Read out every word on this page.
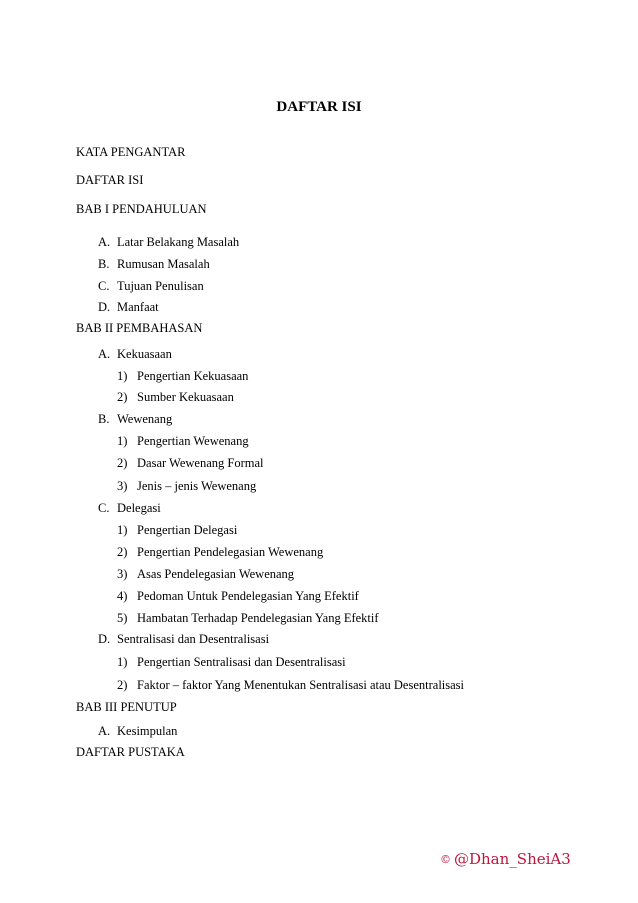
DAFTAR ISI
KATA PENGANTAR
DAFTAR ISI
BAB I PENDAHULUAN
A. Latar Belakang Masalah
B. Rumusan Masalah
C. Tujuan Penulisan
D. Manfaat
BAB II PEMBAHASAN
A. Kekuasaan
1) Pengertian Kekuasaan
2) Sumber Kekuasaan
B. Wewenang
1) Pengertian Wewenang
2) Dasar Wewenang Formal
3) Jenis – jenis Wewenang
C. Delegasi
1) Pengertian Delegasi
2) Pengertian Pendelegasian Wewenang
3) Asas Pendelegasian Wewenang
4) Pedoman Untuk Pendelegasian Yang Efektif
5) Hambatan Terhadap Pendelegasian Yang Efektif
D. Sentralisasi dan Desentralisasi
1) Pengertian Sentralisasi dan Desentralisasi
2) Faktor – faktor Yang Menentukan Sentralisasi atau Desentralisasi
BAB III PENUTUP
A. Kesimpulan
DAFTAR PUSTAKA
© @Dhan_SheiA3
